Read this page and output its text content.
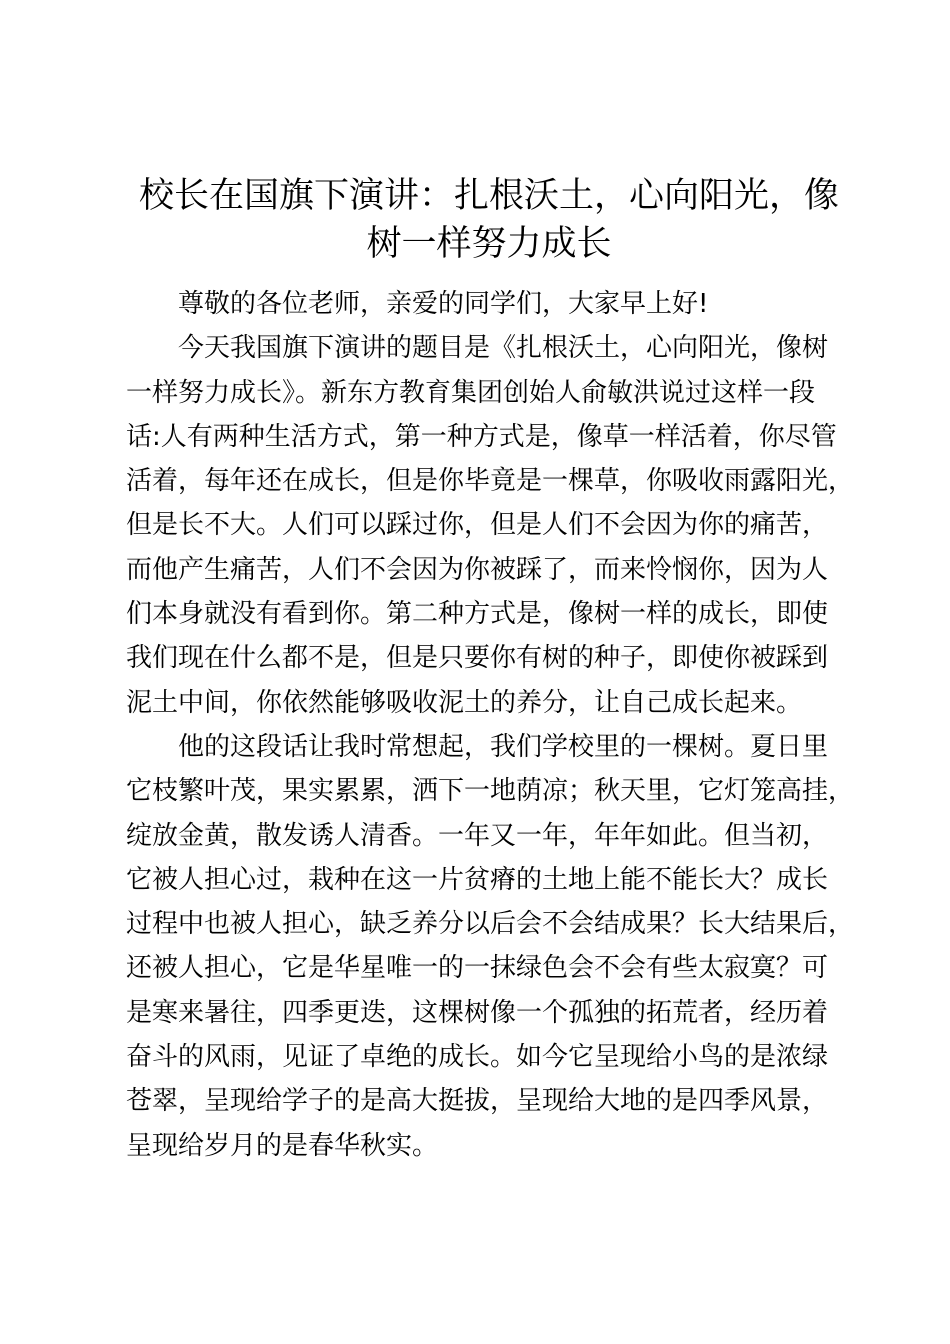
校长在国旗下演讲：扎根沃土，心向阳光，像
树一样努力成长

尊敬的各位老师，亲爱的同学们，大家早上好!

今天我国旗下演讲的题目是《扎根沃土，心向阳光，像树
一样努力成长》。新东方教育集团创始人俞敏洪说过这样一段
话:人有两种生活方式，第一种方式是，像草一样活着，你尽管
活着，每年还在成长，但是你毕竟是一棵草，你吸收雨露阳光，
但是长不大。人们可以踩过你，但是人们不会因为你的痛苦，
而他产生痛苦，人们不会因为你被踩了，而来怜悯你，因为人
们本身就没有看到你。第二种方式是，像树一样的成长，即使
我们现在什么都不是，但是只要你有树的种子，即使你被踩到
泥土中间，你依然能够吸收泥土的养分，让自己成长起来。

他的这段话让我时常想起，我们学校里的一棵树。夏日里
它枝繁叶茂，果实累累，洒下一地荫凉；秋天里，它灯笼高挂，
绽放金黄，散发诱人清香。一年又一年，年年如此。但当初，
它被人担心过，栽种在这一片贫瘠的土地上能不能长大？成长
过程中也被人担心，缺乏养分以后会不会结成果？长大结果后，
还被人担心，它是华星唯一的一抹绿色会不会有些太寂寞？可
是寒来暑往，四季更迭，这棵树像一个孤独的拓荒者，经历着
奋斗的风雨，见证了卓绝的成长。如今它呈现给小鸟的是浓绿
苍翠，呈现给学子的是高大挺拔，呈现给大地的是四季风景，
呈现给岁月的是春华秋实。
